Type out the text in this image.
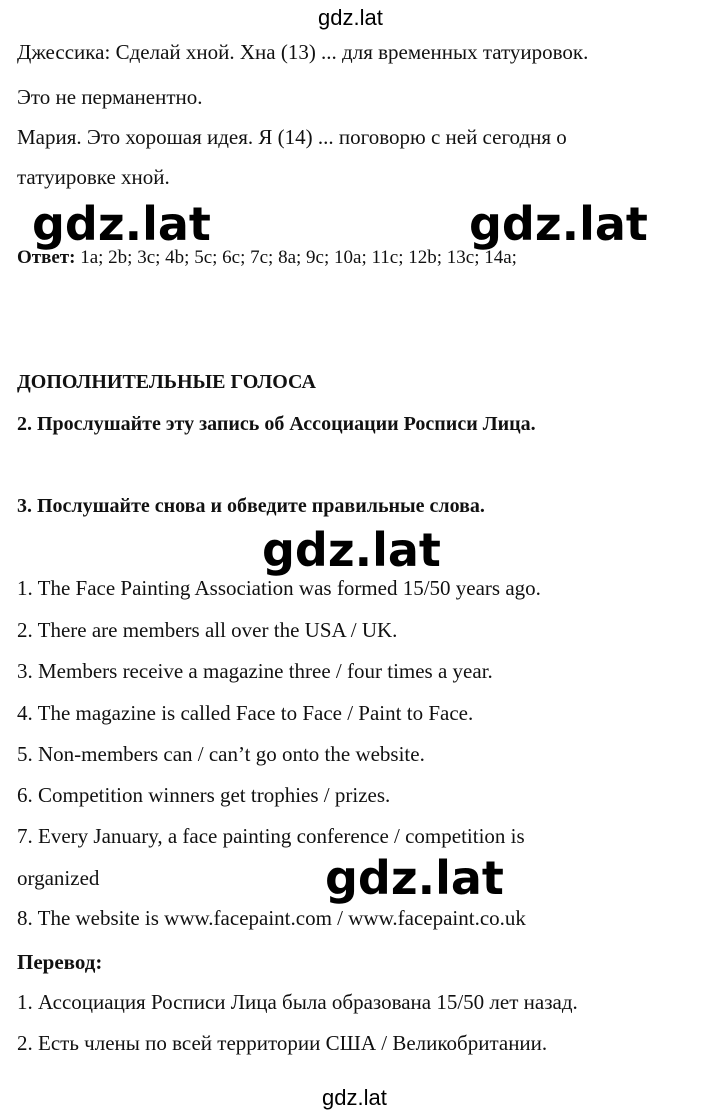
gdz.lat
Джессика: Сделай хной. Хна (13) ... для временных татуировок.
Это не перманентно.
Мария. Это хорошая идея. Я (14) ... поговорю с ней сегодня о
татуировке хной.
Ответ: 1a; 2b; 3c; 4b; 5c; 6c; 7c; 8a; 9c; 10a; 11c; 12b; 13c; 14a;
gdz.lat	gdz.lat
ДОПОЛНИТЕЛЬНЫЕ ГОЛОСА
2. Прослушайте эту запись об Ассоциации Росписи Лица.
3. Послушайте снова и обведите правильные слова.
gdz.lat
1. The Face Painting Association was formed 15/50 years ago.
2. There are members all over the USA / UK.
3. Members receive a magazine three / four times a year.
4. The magazine is called Face to Face / Paint to Face.
5. Non-members can / can’t go onto the website.
6. Competition winners get trophies / prizes.
7. Every January, a face painting conference / competition is
organized	gdz.lat
8. The website is www.facepaint.com / www.facepaint.co.uk
Перевод:
1. Ассоциация Росписи Лица была образована 15/50 лет назад.
2. Есть члены по всей территории США / Великобритании.
gdz.lat
